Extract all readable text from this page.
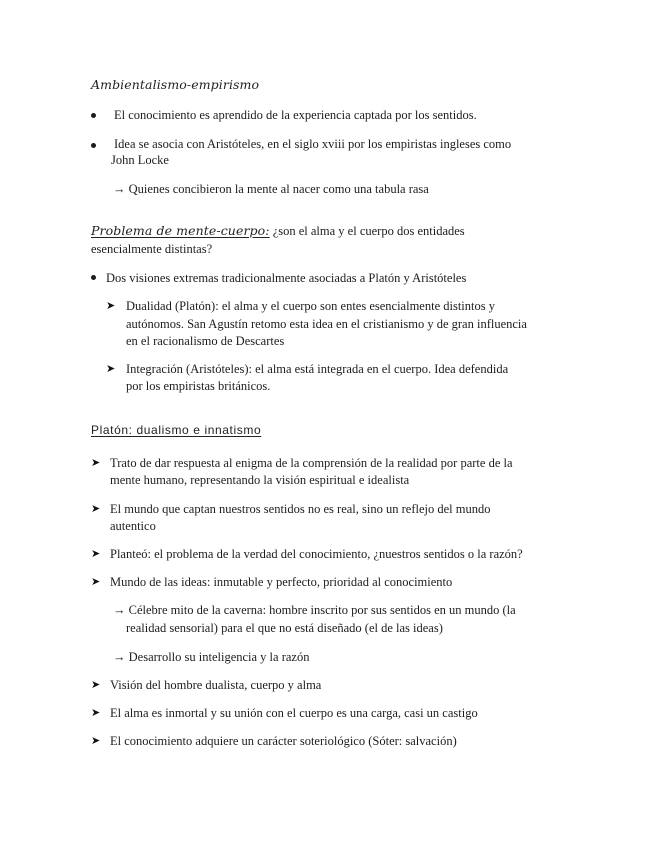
Ambientalismo-empirismo
El conocimiento es aprendido de la experiencia captada por los sentidos.
Idea se asocia con Aristóteles, en el siglo xviii por los empiristas ingleses como
John Locke
→ Quienes concibieron la mente al nacer como una tabula rasa
Problema de mente-cuerpo: ¿son el alma y el cuerpo dos entidades
esencialmente distintas?
Dos visiones extremas tradicionalmente asociadas a Platón y Aristóteles
➤ Dualidad (Platón): el alma y el cuerpo son entes esencialmente distintos y
autónomos. San Agustín retomo esta idea en el cristianismo y de gran influencia
en el racionalismo de Descartes
➤ Integración (Aristóteles): el alma está integrada en el cuerpo. Idea defendida
por los empiristas británicos.
Platón: dualismo e innatismo
➤ Trato de dar respuesta al enigma de la comprensión de la realidad por parte de la
mente humano, representando la visión espiritual e idealista
➤ El mundo que captan nuestros sentidos no es real, sino un reflejo del mundo
autentico
➤ Planteó: el problema de la verdad del conocimiento, ¿nuestros sentidos o la razón?
➤ Mundo de las ideas: inmutable y perfecto, prioridad al conocimiento
→ Célebre mito de la caverna: hombre inscrito por sus sentidos en un mundo (la
realidad sensorial) para el que no está diseñado (el de las ideas)
→ Desarrollo su inteligencia y la razón
➤ Visión del hombre dualista, cuerpo y alma
➤ El alma es inmortal y su unión con el cuerpo es una carga, casi un castigo
➤ El conocimiento adquiere un carácter soteriológico (Sóter: salvación)
